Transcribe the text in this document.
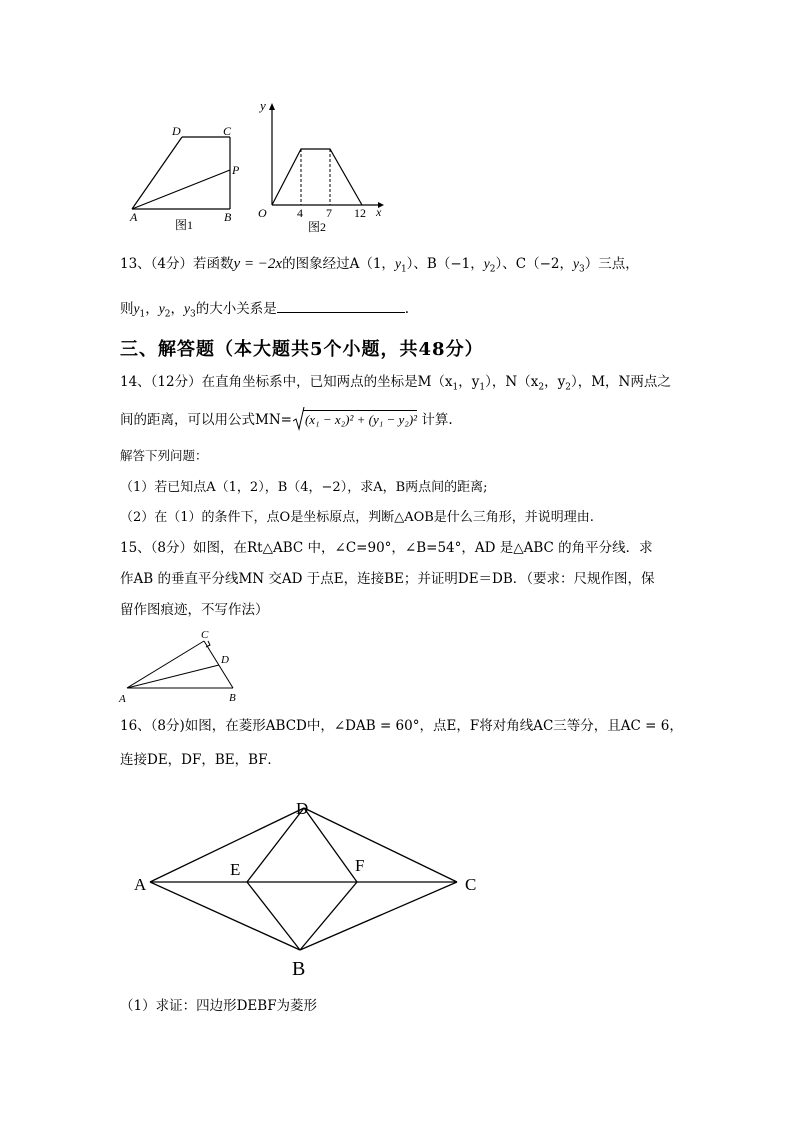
D	C
P
A	B
图1
y
O	4 7 12 x
图2
13、（4分）若函数y = −2x的图象经过A（1，$y_1$）、B（−1，$y_2$）、C（−2，$y_3$）三点，
则$y_1$，$y_2$，$y_3$的大小关系是	.
三、解答题（本大题共5个小题，共48分）
14、（12分）在直角坐标系中，已知两点的坐标是$M(x_1$，$y_1$），$N(x_2$，$y_2$），M，N两点之
间的距离，可以用公式MN= (x₁ − x₂)² + (y₁ − y₂)² 计算.
解答下列问题：
（1）若已知点A（1，2），B（4，−2），求A，B两点间的距离;
（2）在（1）的条件下，点O是坐标原点，判断△AOB是什么三角形，并说明理由.
15、（8分）如图，在Rt△ABC 中，∠C=90°，∠B=54°，AD 是△ABC 的角平分线．求
作AB 的垂直平分线MN 交AD 于点E，连接BE；并证明DE＝DB．（要求：尺规作图，保
留作图痕迹，不写作法）
C
D
A	B
16、（8分)如图，在菱形ABCD中，∠DAB = 60°，点E，F将对角线AC三等分，且AC = 6，
连接DE，DF，BE，BF．
D
A
E	F
C
B
（1）求证：四边形DEBF为菱形
